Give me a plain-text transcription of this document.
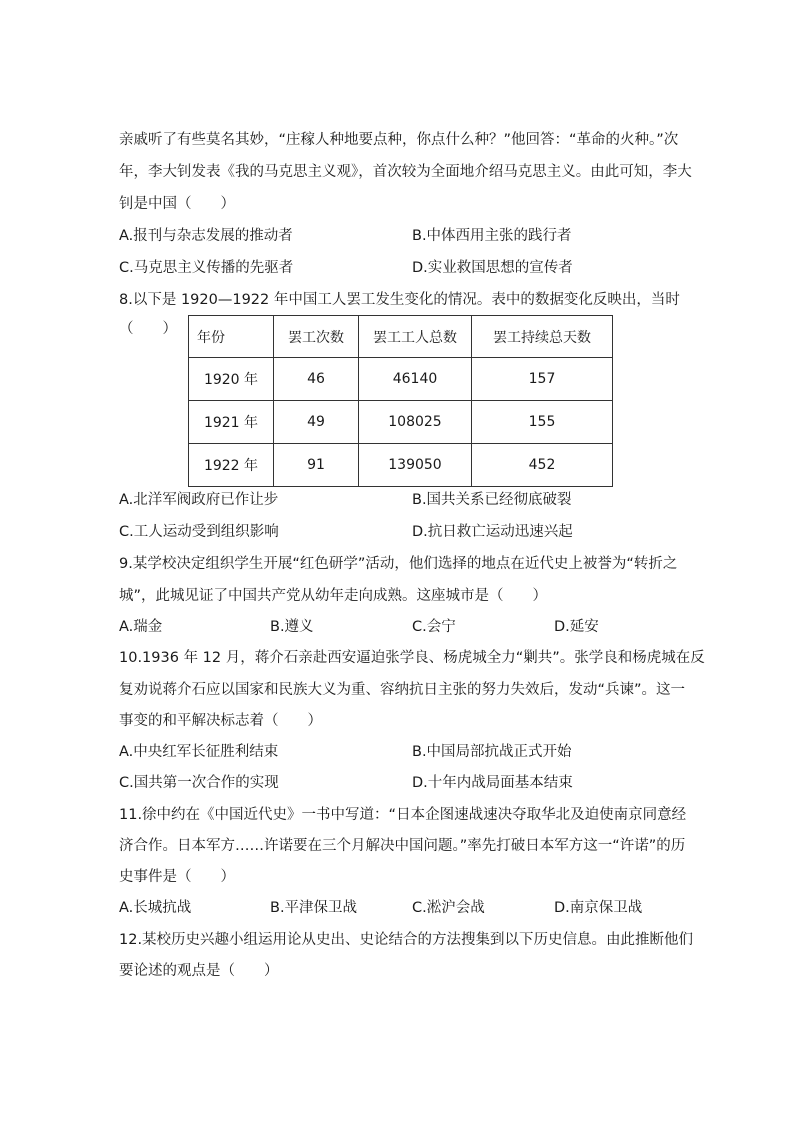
亲戚听了有些莫名其妙，“庄稼人种地要点种，你点什么种？”他回答：“革命的火种。”次
年，李大钊发表《我的马克思主义观》，首次较为全面地介绍马克思主义。由此可知，李大
钊是中国（　　）
A.报刊与杂志发展的推动者	B.中体西用主张的践行者
C.马克思主义传播的先驱者	D.实业救国思想的宣传者
8.以下是 1920—1922 年中国工人罢工发生变化的情况。表中的数据变化反映出，当时
（　　）
年份	罢工次数	罢工工人总数	罢工持续总天数
1920 年	46	46140	157
1921 年	49	108025	155
1922 年	91	139050	452
A.北洋军阀政府已作让步	B.国共关系已经彻底破裂
C.工人运动受到组织影响	D.抗日救亡运动迅速兴起
9.某学校决定组织学生开展“红色研学”活动，他们选择的地点在近代史上被誉为“转折之
城”，此城见证了中国共产党从幼年走向成熟。这座城市是（　　）
A.瑞金	B.遵义	C.会宁	D.延安
10.1936 年 12 月，蒋介石亲赴西安逼迫张学良、杨虎城全力“剿共”。张学良和杨虎城在反
复劝说蒋介石应以国家和民族大义为重、容纳抗日主张的努力失效后，发动“兵谏”。这一
事变的和平解决标志着（　　）
A.中央红军长征胜利结束	B.中国局部抗战正式开始
C.国共第一次合作的实现	D.十年内战局面基本结束
11.徐中约在《中国近代史》一书中写道：“日本企图速战速决夺取华北及迫使南京同意经
济合作。日本军方……许诺要在三个月解决中国问题。”率先打破日本军方这一“许诺”的历
史事件是（　　）
A.长城抗战	B.平津保卫战	C.淞沪会战	D.南京保卫战
12.某校历史兴趣小组运用论从史出、史论结合的方法搜集到以下历史信息。由此推断他们
要论述的观点是（　　）
